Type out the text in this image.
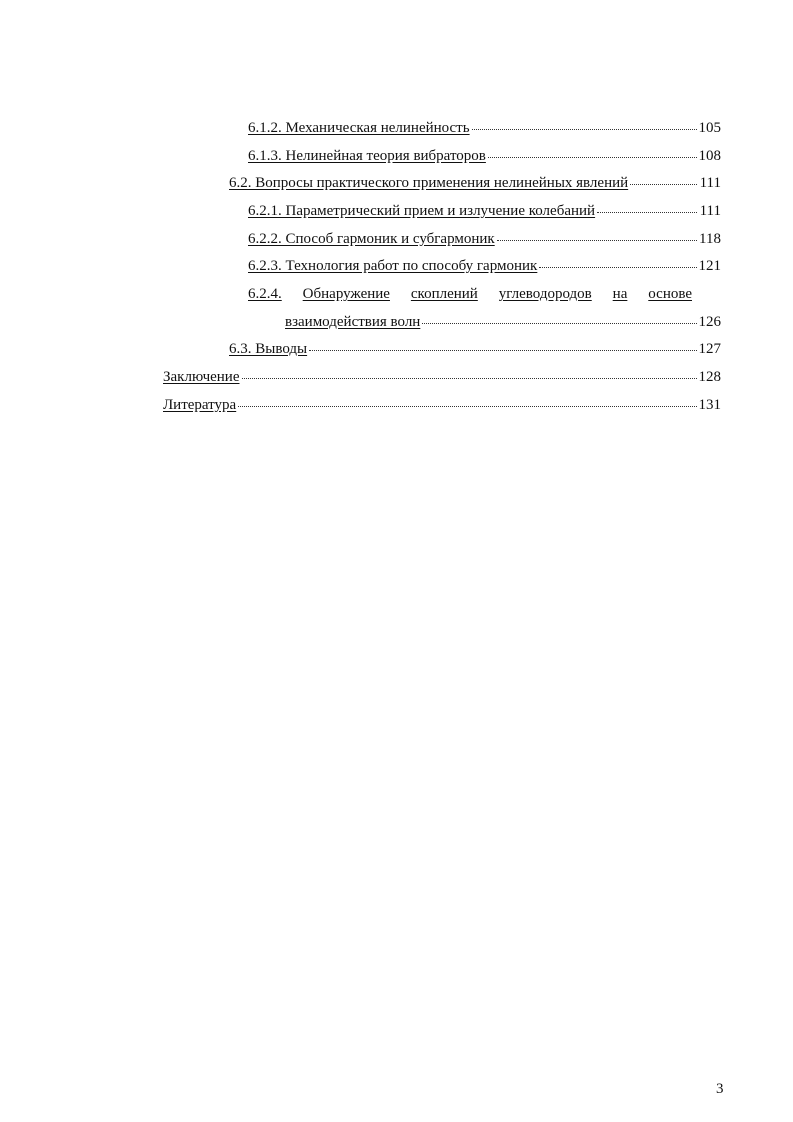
6.1.2. Механическая нелинейность	105
6.1.3. Нелинейная теория вибраторов	108
6.2. Вопросы практического применения нелинейных явлений	111
6.2.1. Параметрический прием и излучение колебаний	111
6.2.2. Способ гармоник и субгармоник	118
6.2.3. Технология работ по способу гармоник	121
6.2.4. Обнаружение скоплений углеводородов на основе
взаимодействия волн	126
6.3. Выводы	127
Заключение	128
Литература	131
3
